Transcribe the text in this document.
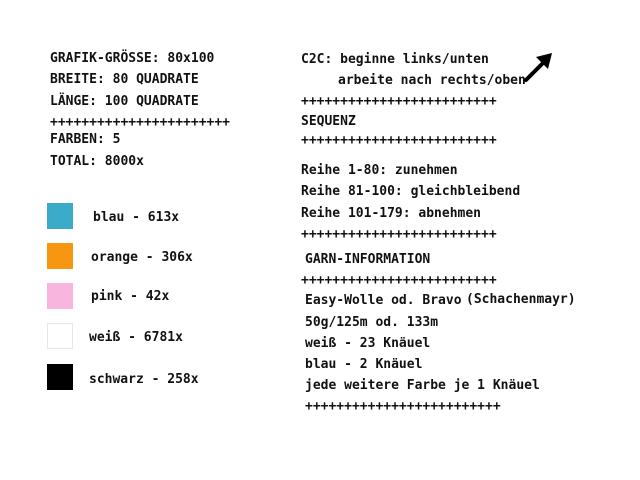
GRAFIK-GRÖSSE: 80x100
BREITE: 80 QUADRATE
LÄNGE: 100 QUADRATE
+++++++++++++++++++++++
FARBEN: 5
TOTAL: 8000x
blau - 613x
orange - 306x
pink - 42x
weiß - 6781x
schwarz - 258x
C2C: beginne links/unten
arbeite nach rechts/oben
+++++++++++++++++++++++++
SEQUENZ
+++++++++++++++++++++++++
Reihe 1-80: zunehmen
Reihe 81-100: gleichbleibend
Reihe 101-179: abnehmen
+++++++++++++++++++++++++
GARN-INFORMATION
+++++++++++++++++++++++++
Easy-Wolle od. Bravo (Schachenmayr)
50g/125m od. 133m
weiß - 23 Knäuel
blau - 2 Knäuel
jede weitere Farbe je 1 Knäuel
+++++++++++++++++++++++++
